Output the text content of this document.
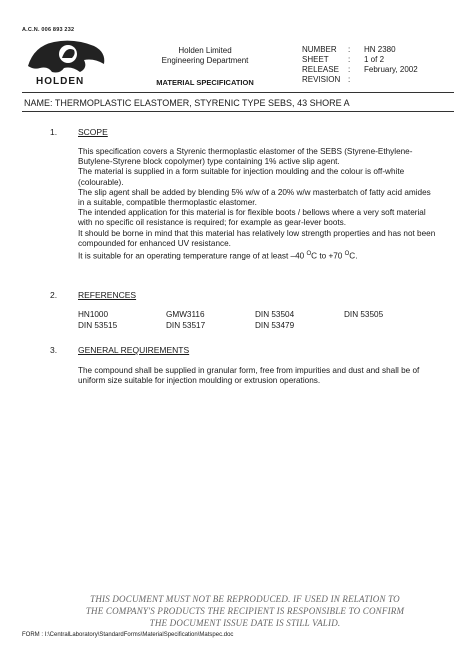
A.C.N. 006 893 232
HOLDEN
Holden Limited
Engineering Department
MATERIAL SPECIFICATION
NUMBER	:	HN 2380
SHEET	:	1 of 2
RELEASE	:	February, 2002
REVISION :
NAME: THERMOPLASTIC ELASTOMER, STYRENIC TYPE SEBS, 43 SHORE A
1. SCOPE

This specification covers a Styrenic thermoplastic elastomer of the SEBS (Styrene-Ethylene-Butylene-Styrene block copolymer) type containing 1% active slip agent.

The material is supplied in a form suitable for injection moulding and the colour is off-white (colourable).

The slip agent shall be added by blending 5% w/w of a 20% w/w masterbatch of fatty acid amides in a suitable, compatible thermoplastic elastomer.

The intended application for this material is for flexible boots / bellows where a very soft material with no specific oil resistance is required; for example as gear-lever boots.

It should be borne in mind that this material has relatively low strength properties and has not been compounded for enhanced UV resistance.

It is suitable for an operating temperature range of at least –40 $^O$C to +70 $^O$C.

2. REFERENCES
HN1000	GMW3116	DIN 53504	DIN 53505
DIN 53515	DIN 53517	DIN 53479
3. GENERAL REQUIREMENTS
The compound shall be supplied in granular form, free from impurities and dust and shall be of uniform size suitable for injection moulding or extrusion operations.
THIS DOCUMENT MUST NOT BE REPRODUCED. IF USED IN RELATION TO
THE COMPANY'S PRODUCTS THE RECIPIENT IS RESPONSIBLE TO CONFIRM
THE DOCUMENT ISSUE DATE IS STILL VALID.
FORM : I:\CentralLaboratory\StandardForms\MaterialSpecification\Matspec.doc
